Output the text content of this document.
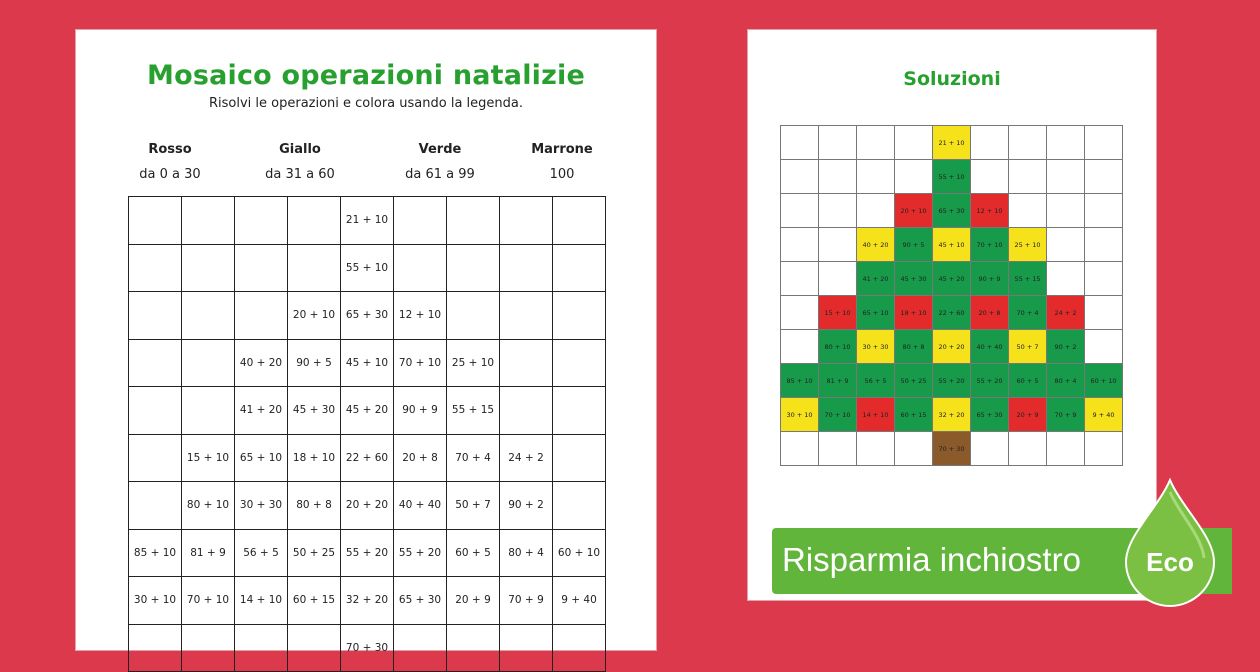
Mosaico operazioni natalizie
Risolvi le operazioni e colora usando la legenda.
Rosso
da 0 a 30
Giallo
da 31 a 60
Verde
da 61 a 99
Marrone
100
				21 + 10				
				55 + 10				
			20 + 10	65 + 30	12 + 10			
		40 + 20	90 + 5	45 + 10	70 + 10	25 + 10		
		41 + 20	45 + 30	45 + 20	90 + 9	55 + 15		
	15 + 10	65 + 10	18 + 10	22 + 60	20 + 8	70 + 4	24 + 2	
	80 + 10	30 + 30	80 + 8	20 + 20	40 + 40	50 + 7	90 + 2	
85 + 10	81 + 9	56 + 5	50 + 25	55 + 20	55 + 20	60 + 5	80 + 4	60 + 10
30 + 10	70 + 10	14 + 10	60 + 15	32 + 20	65 + 30	20 + 9	70 + 9	9 + 40
				70 + 30				
Soluzioni
				21 + 10				
				55 + 10				
			20 + 10	65 + 30	12 + 10			
		40 + 20	90 + 5	45 + 10	70 + 10	25 + 10		
		41 + 20	45 + 30	45 + 20	90 + 9	55 + 15		
	15 + 10	65 + 10	18 + 10	22 + 60	20 + 8	70 + 4	24 + 2	
	80 + 10	30 + 30	80 + 8	20 + 20	40 + 40	50 + 7	90 + 2	
85 + 10	81 + 9	56 + 5	50 + 25	55 + 20	55 + 20	60 + 5	80 + 4	60 + 10
30 + 10	70 + 10	14 + 10	60 + 15	32 + 20	65 + 30	20 + 9	70 + 9	9 + 40
				70 + 30				
Risparmia inchiostro	Eco
